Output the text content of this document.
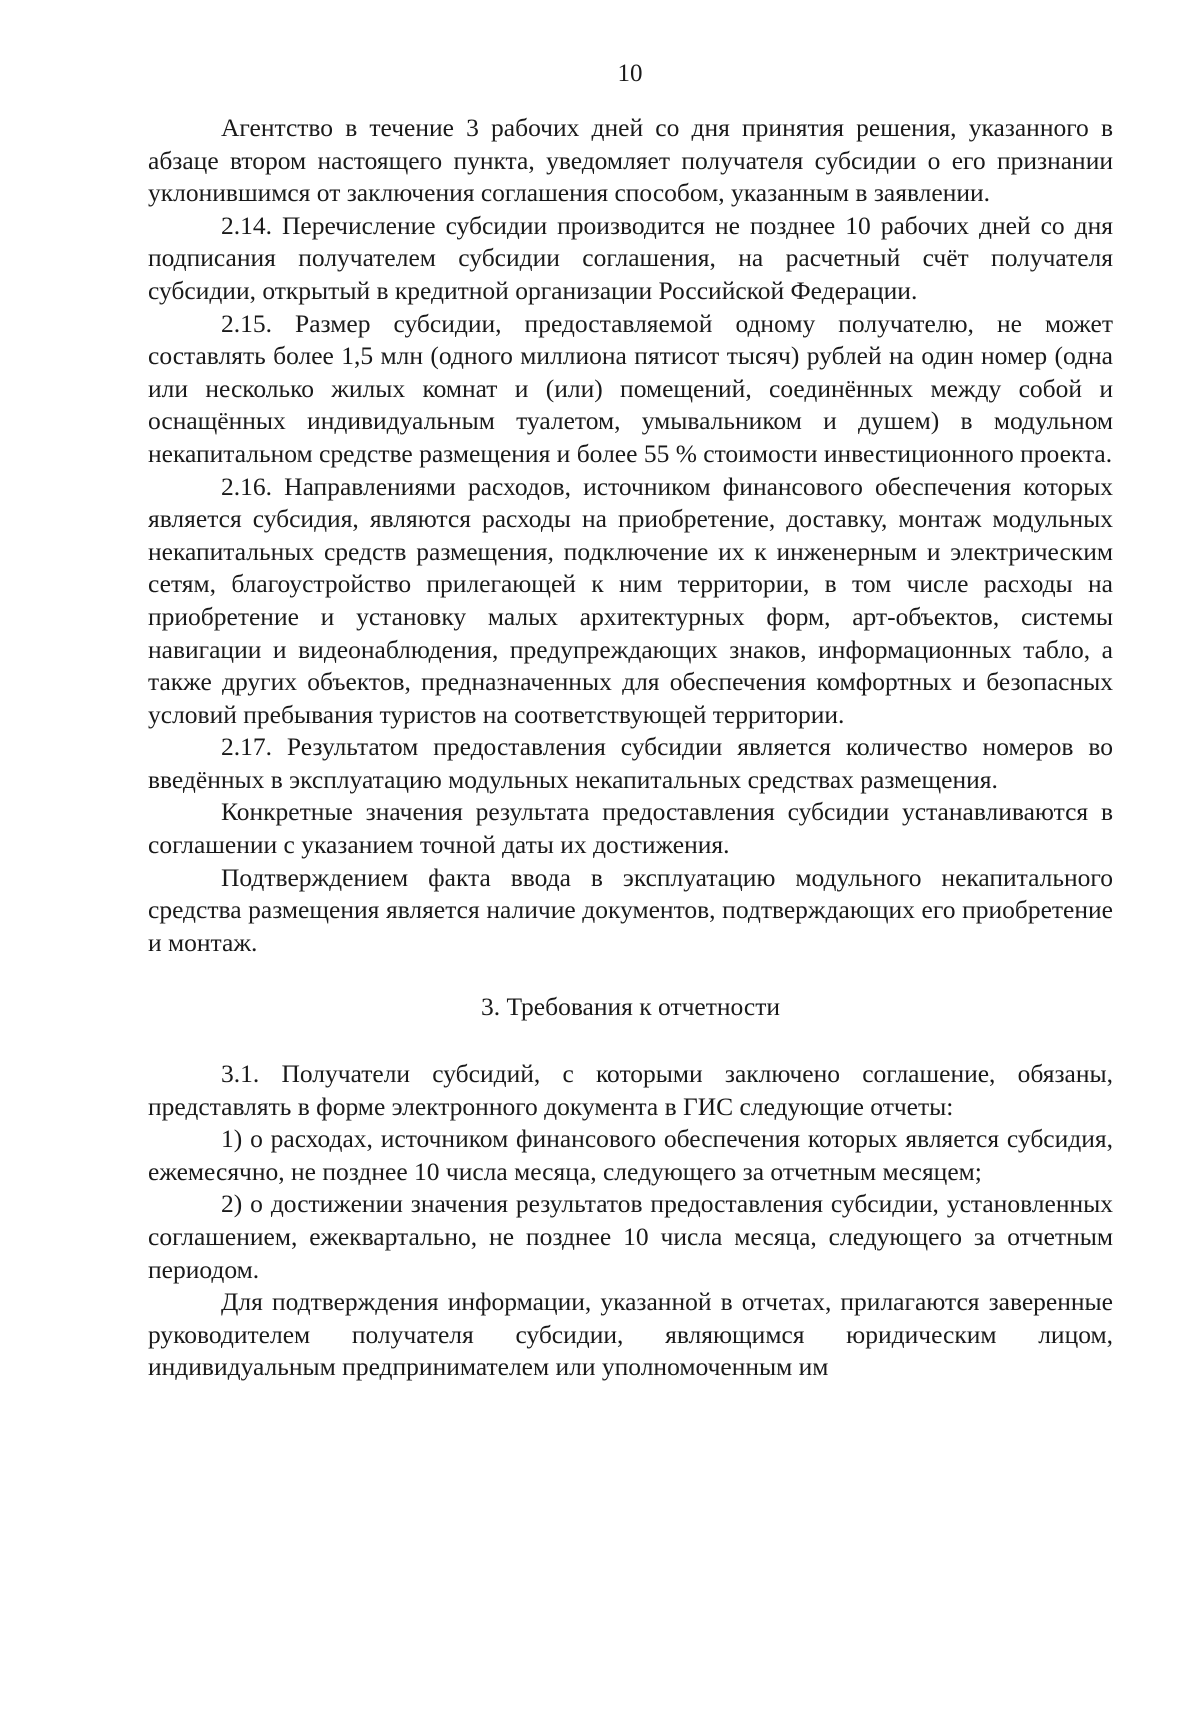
10

Агентство в течение 3 рабочих дней со дня принятия решения, указанного в абзаце втором настоящего пункта, уведомляет получателя субсидии о его признании уклонившимся от заключения соглашения способом, указанным в заявлении.

2.14. Перечисление субсидии производится не позднее 10 рабочих дней со дня подписания получателем субсидии соглашения, на расчетный счёт получателя субсидии, открытый в кредитной организации Российской Федерации.

2.15. Размер субсидии, предоставляемой одному получателю, не может составлять более 1,5 млн (одного миллиона пятисот тысяч) рублей на один номер (одна или несколько жилых комнат и (или) помещений, соединённых между собой и оснащённых индивидуальным туалетом, умывальником и душем) в модульном некапитальном средстве размещения и более 55 % стоимости инвестиционного проекта.

2.16. Направлениями расходов, источником финансового обеспечения которых является субсидия, являются расходы на приобретение, доставку, монтаж модульных некапитальных средств размещения, подключение их к инженерным и электрическим сетям, благоустройство прилегающей к ним территории, в том числе расходы на приобретение и установку малых архитектурных форм, арт-объектов, системы навигации и видеонаблюдения, предупреждающих знаков, информационных табло, а также других объектов, предназначенных для обеспечения комфортных и безопасных условий пребывания туристов на соответствующей территории.

2.17. Результатом предоставления субсидии является количество номеров во введённых в эксплуатацию модульных некапитальных средствах размещения.

Конкретные значения результата предоставления субсидии устанавливаются в соглашении с указанием точной даты их достижения.

Подтверждением факта ввода в эксплуатацию модульного некапитального средства размещения является наличие документов, подтверждающих его приобретение и монтаж.

3. Требования к отчетности

3.1. Получатели субсидий, с которыми заключено соглашение, обязаны, представлять в форме электронного документа в ГИС следующие отчеты:

1) о расходах, источником финансового обеспечения которых является субсидия, ежемесячно, не позднее 10 числа месяца, следующего за отчетным месяцем;

2) о достижении значения результатов предоставления субсидии, установленных соглашением, ежеквартально, не позднее 10 числа месяца, следующего за отчетным периодом.

Для подтверждения информации, указанной в отчетах, прилагаются заверенные руководителем получателя субсидии, являющимся юридическим лицом, индивидуальным предпринимателем или уполномоченным им
